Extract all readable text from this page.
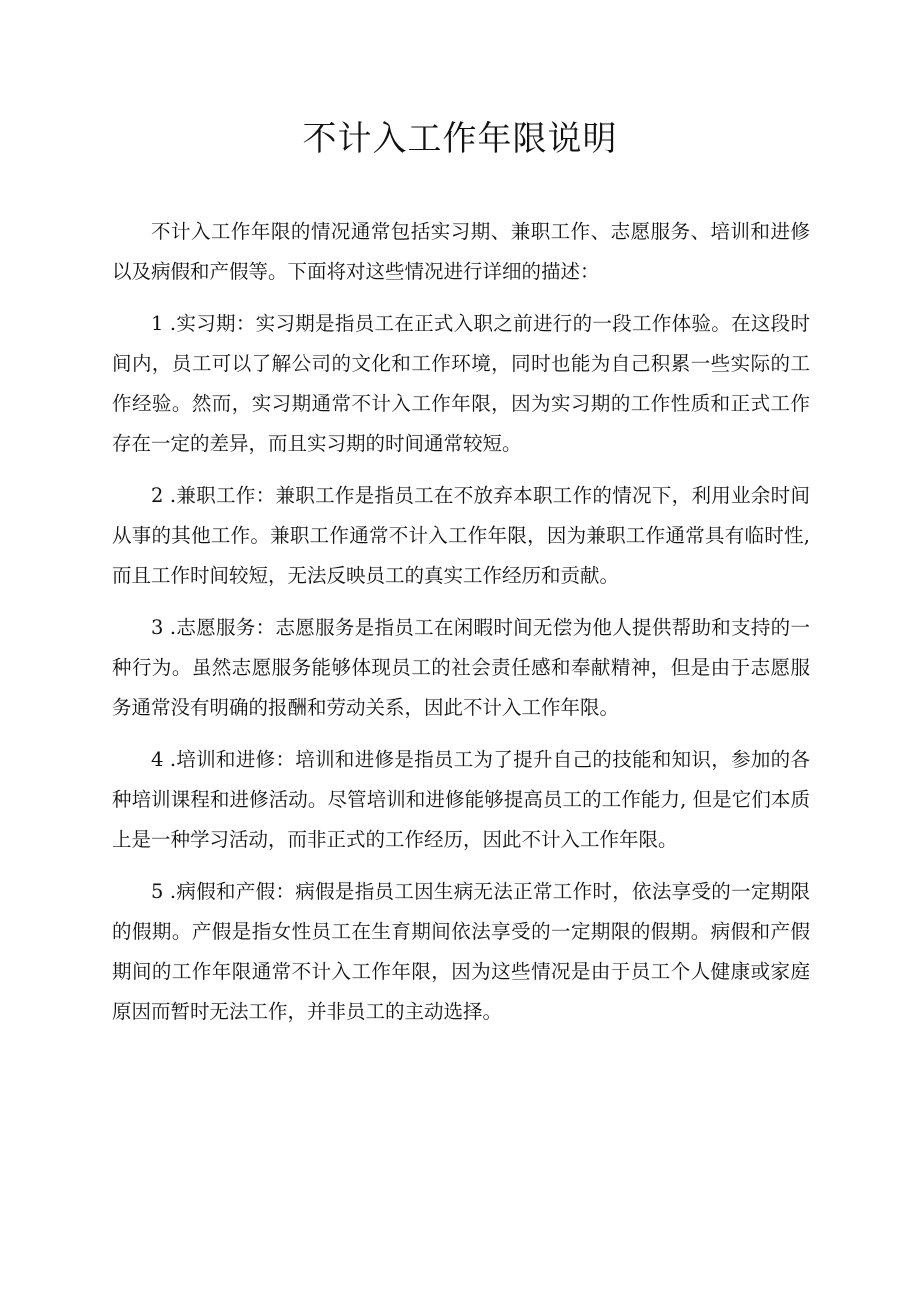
不计入工作年限说明

不计入工作年限的情况通常包括实习期、兼职工作、志愿服务、培训和进修以及病假和产假等。下面将对这些情况进行详细的描述：

1 .实习期：实习期是指员工在正式入职之前进行的一段工作体验。在这段时间内，员工可以了解公司的文化和工作环境，同时也能为自己积累一些实际的工作经验。然而，实习期通常不计入工作年限，因为实习期的工作性质和正式工作存在一定的差异，而且实习期的时间通常较短。

2 .兼职工作：兼职工作是指员工在不放弃本职工作的情况下，利用业余时间从事的其他工作。兼职工作通常不计入工作年限，因为兼职工作通常具有临时性, 而且工作时间较短，无法反映员工的真实工作经历和贡献。

3 .志愿服务：志愿服务是指员工在闲暇时间无偿为他人提供帮助和支持的一种行为。虽然志愿服务能够体现员工的社会责任感和奉献精神，但是由于志愿服务通常没有明确的报酬和劳动关系，因此不计入工作年限。

4 .培训和进修：培训和进修是指员工为了提升自己的技能和知识，参加的各种培训课程和进修活动。尽管培训和进修能够提高员工的工作能力, 但是它们本质上是一种学习活动，而非正式的工作经历，因此不计入工作年限。

5 .病假和产假：病假是指员工因生病无法正常工作时，依法享受的一定期限的假期。产假是指女性员工在生育期间依法享受的一定期限的假期。病假和产假期间的工作年限通常不计入工作年限，因为这些情况是由于员工个人健康或家庭原因而暂时无法工作，并非员工的主动选择。
